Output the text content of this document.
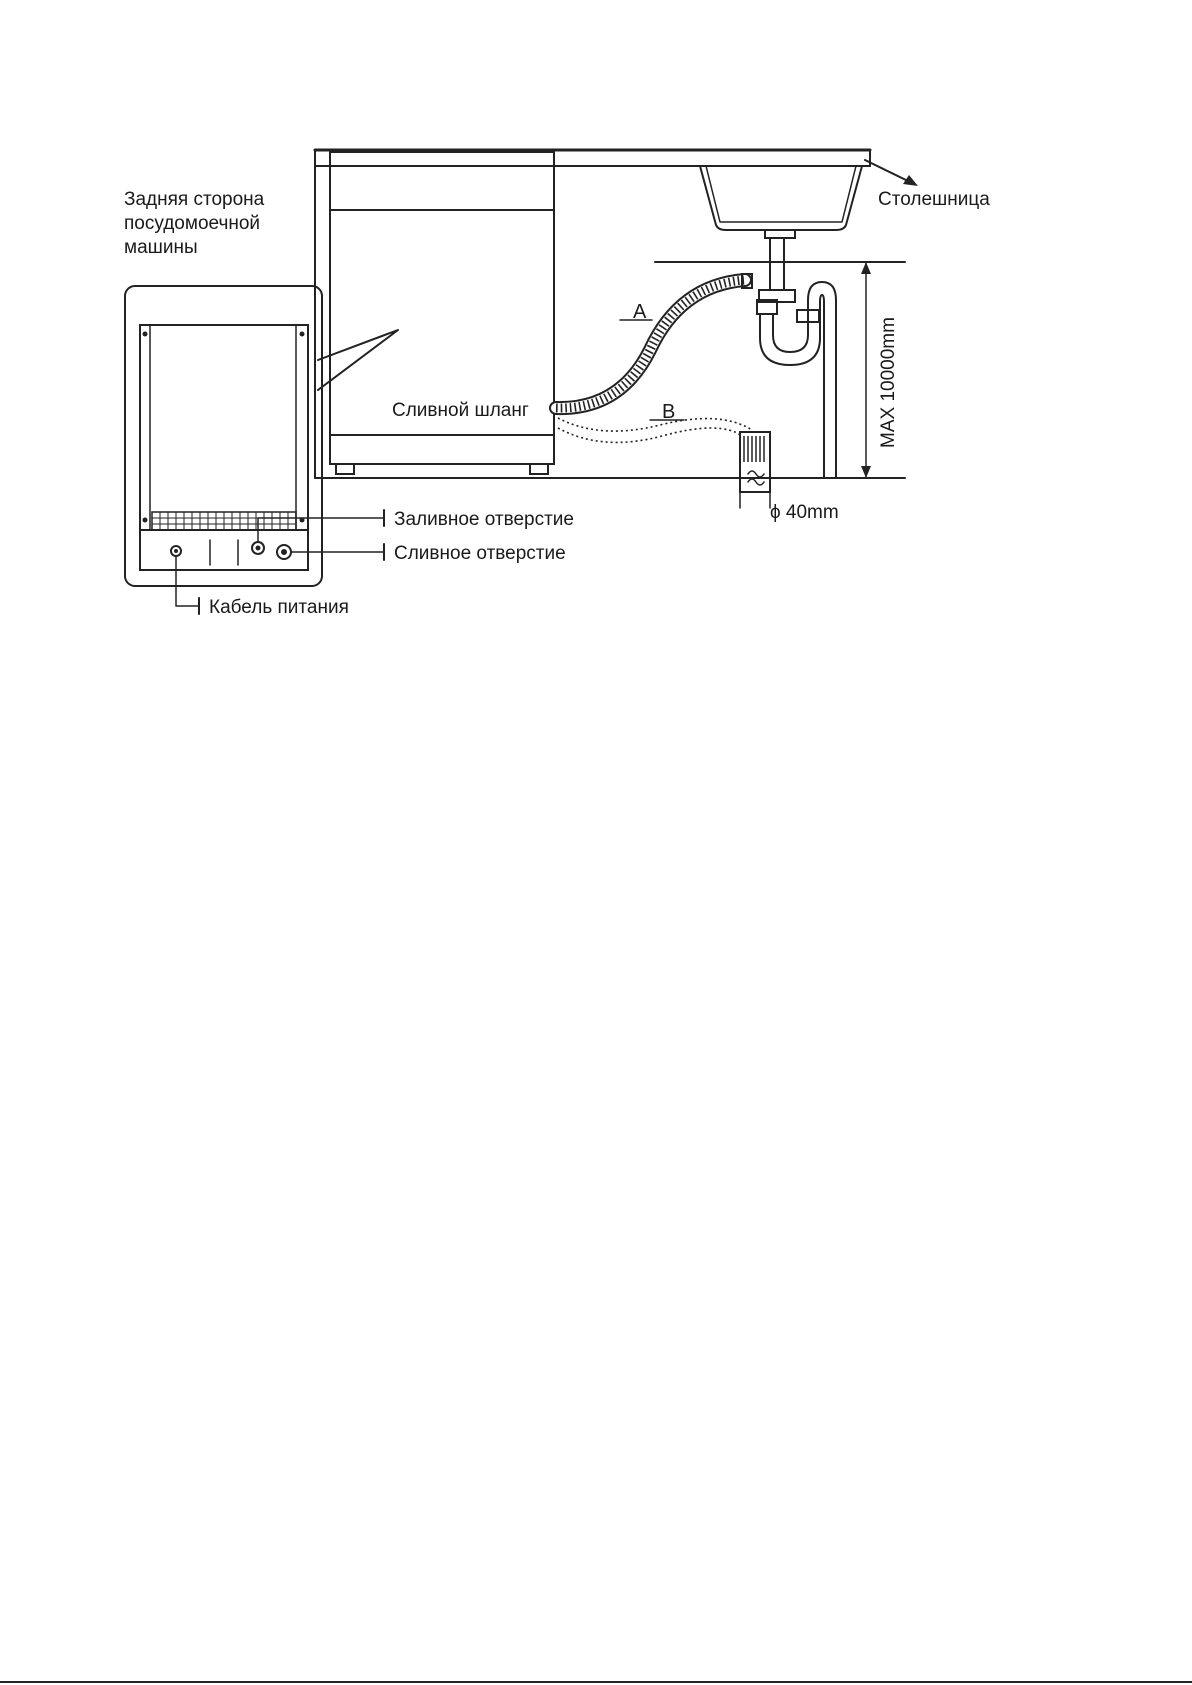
MAX 10000mm
A
B
ϕ 40mm
Задняя сторона
посудомоечной
машины
Столешница
Сливной шланг
Заливное отверстие
Сливное отверстие
Кабель питания
